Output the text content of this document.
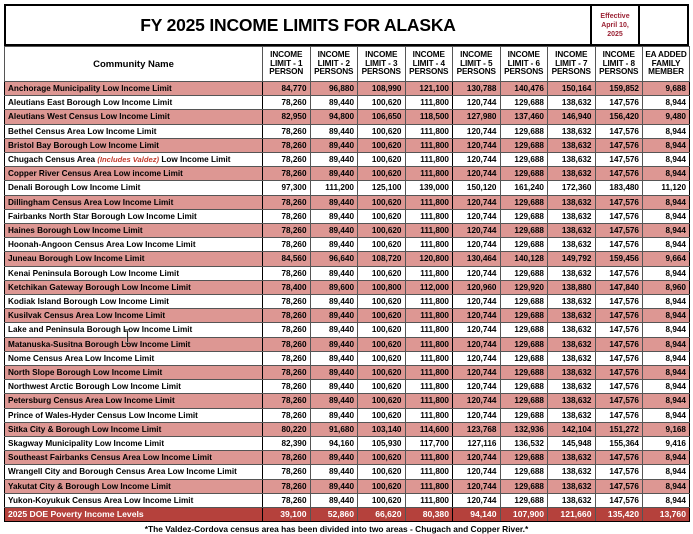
FY 2025 INCOME LIMITS FOR ALASKA	Effective
April 10,
2025
Community Name

INCOME
LIMIT - 1
PERSON

INCOME
LIMIT - 2
PERSONS

INCOME
LIMIT - 3
PERSONS

INCOME
LIMIT - 4
PERSONS

INCOME
LIMIT - 5
PERSONS

INCOME
LIMIT - 6
PERSONS

INCOME
LIMIT - 7
PERSONS

INCOME
LIMIT - 8
PERSONS

EA ADDED
FAMILY
MEMBER

Anchorage Municipality Low Income Limit	84,770	96,880	108,990	121,100	130,788	140,476	150,164	159,852	9,688
Aleutians East Borough Low Income Limit	78,260	89,440	100,620	111,800	120,744	129,688	138,632	147,576	8,944
Aleutians West Census Low Income Limit	82,950	94,800	106,650	118,500	127,980	137,460	146,940	156,420	9,480
Bethel Census Area Low Income Limit	78,260	89,440	100,620	111,800	120,744	129,688	138,632	147,576	8,944
Bristol Bay Borough Low Income Limit	78,260	89,440	100,620	111,800	120,744	129,688	138,632	147,576	8,944
Chugach Census Area (Includes Valdez) Low Income Limit	78,260	89,440	100,620	111,800	120,744	129,688	138,632	147,576	8,944
Copper River Census Area Low income Limit	78,260	89,440	100,620	111,800	120,744	129,688	138,632	147,576	8,944
Denali Borough Low Income Limit	97,300	111,200	125,100	139,000	150,120	161,240	172,360	183,480	11,120
Dillingham Census Area Low Income Limit	78,260	89,440	100,620	111,800	120,744	129,688	138,632	147,576	8,944
Fairbanks North Star Borough Low Income Limit	78,260	89,440	100,620	111,800	120,744	129,688	138,632	147,576	8,944
Haines Borough Low Income Limit	78,260	89,440	100,620	111,800	120,744	129,688	138,632	147,576	8,944
Hoonah-Angoon Census Area Low Income Limit	78,260	89,440	100,620	111,800	120,744	129,688	138,632	147,576	8,944
Juneau Borough Low Income Limit	84,560	96,640	108,720	120,800	130,464	140,128	149,792	159,456	9,664
Kenai Peninsula Borough Low Income Limit	78,260	89,440	100,620	111,800	120,744	129,688	138,632	147,576	8,944
Ketchikan Gateway Borough Low Income Limit	78,400	89,600	100,800	112,000	120,960	129,920	138,880	147,840	8,960
Kodiak Island Borough Low Income Limit	78,260	89,440	100,620	111,800	120,744	129,688	138,632	147,576	8,944
Kusilvak Census Area Low Income Limit	78,260	89,440	100,620	111,800	120,744	129,688	138,632	147,576	8,944
Lake and Peninsula Borough Low Income Limit	78,260	89,440	100,620	111,800	120,744	129,688	138,632	147,576	8,944
Matanuska-Susitna Borough Low Income Limit	78,260	89,440	100,620	111,800	120,744	129,688	138,632	147,576	8,944
Nome Census Area Low Income Limit	78,260	89,440	100,620	111,800	120,744	129,688	138,632	147,576	8,944
North Slope Borough Low Income Limit	78,260	89,440	100,620	111,800	120,744	129,688	138,632	147,576	8,944
Northwest Arctic Borough Low Income Limit	78,260	89,440	100,620	111,800	120,744	129,688	138,632	147,576	8,944
Petersburg Census Area Low Income Limit	78,260	89,440	100,620	111,800	120,744	129,688	138,632	147,576	8,944
Prince of Wales-Hyder Census Low Income Limit	78,260	89,440	100,620	111,800	120,744	129,688	138,632	147,576	8,944
Sitka City & Borough Low Income Limit	80,220	91,680	103,140	114,600	123,768	132,936	142,104	151,272	9,168
Skagway Municipality Low Income Limit	82,390	94,160	105,930	117,700	127,116	136,532	145,948	155,364	9,416
Southeast Fairbanks Census Area Low Income Limit	78,260	89,440	100,620	111,800	120,744	129,688	138,632	147,576	8,944
Wrangell City and Borough Census Area Low Income Limit	78,260	89,440	100,620	111,800	120,744	129,688	138,632	147,576	8,944
Yakutat City & Borough Low Income Limit	78,260	89,440	100,620	111,800	120,744	129,688	138,632	147,576	8,944
Yukon-Koyukuk Census Area Low Income Limit	78,260	89,440	100,620	111,800	120,744	129,688	138,632	147,576	8,944
2025 DOE Poverty Income Levels	39,100	52,860	66,620	80,380	94,140	107,900	121,660	135,420	13,760
*The Valdez-Cordova census area has been divided into two areas - Chugach and Copper River.*
